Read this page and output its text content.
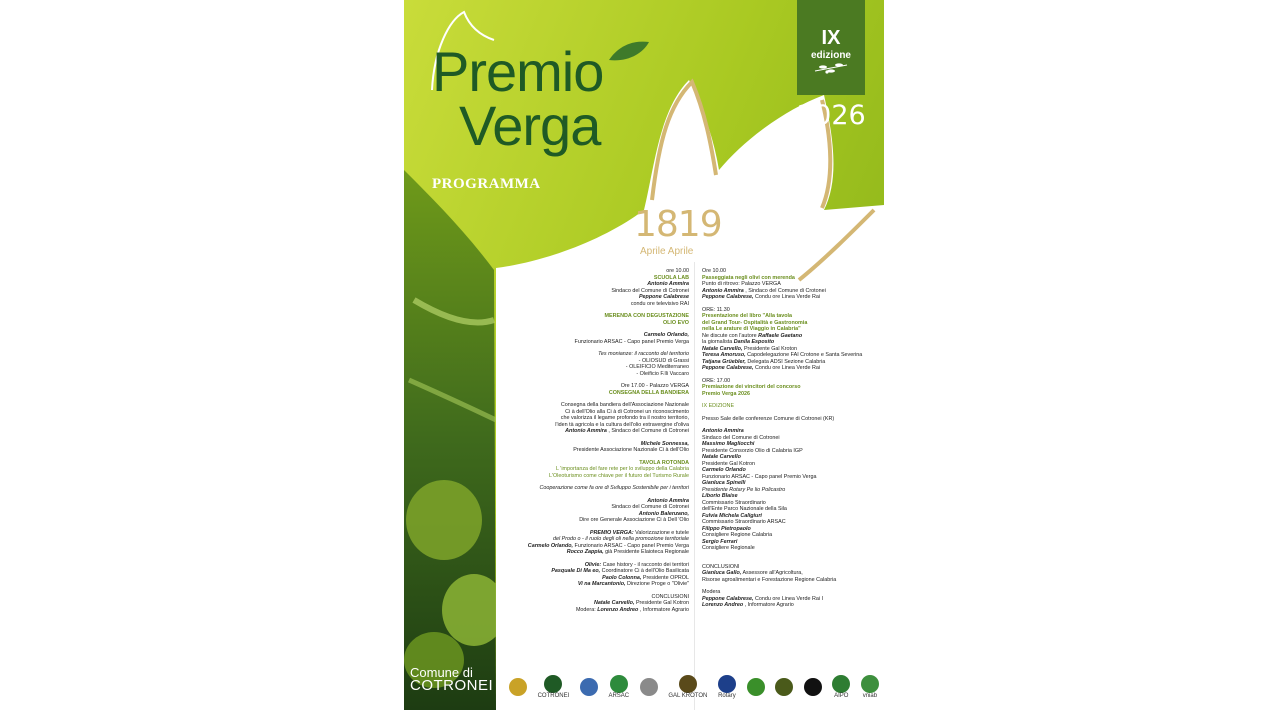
Premio
Verga
PROGRAMMA
IX
edizione
2026
1819
Aprile Aprile

ore 10.00

SCUOLA LAB

Antonio Ammira

Sindaco del Comune di Cotronei

Peppone Calabrese

condu ore televisivo RAI

MERENDA CON DEGUSTAZIONE

OLIO EVO

Carmelo Orlando,

Funzionario ARSAC - Capo panel Premio Verga

Tes monianze: il racconto del territorio

- OLIOSUD di Grassi

- OLEIFICIO Mediterraneo

- Oleificio F.lli Vaccaro

Ore 17.00 - Palazzo VERGA

CONSEGNA DELLA BANDIERA

Consegna della bandiera dell'Associazione Nazionale

Ci à dell'Olio alla Ci à di Cotronei un riconoscimento

che valorizza il legame profondo tra il nostro territorio,

l'iden tà agricola e la cultura dell'olio extravergine d'oliva

Antonio Ammira , Sindaco del Comune di Cotronei

Michele Sonnessa,

Presidente Associazione Nazionale Ci à dell'Olio

TAVOLA ROTONDA

L 'importanza del fare rete per lo sviluppo della Calabria

L'Oleoturismo come chiave per il futuro del Turismo Rurale

Cooperazione come fa ore di Sviluppo Sostenibile per i territori

Antonio Ammira

Sindaco del Comune di Cotronei

Antonio Balenzano,

Dire ore Generale Associazione Ci à Dell 'Olio

PREMIO VERGA: Valorizzazione e tutele

del Prodo o - il ruolo degli oli nella promozione territoriale

Carmelo Orlando, Funzionario ARSAC - Capo panel Premio Verga

Rocco Zappia, già Presidente Elaioteca Regionale

Olivie: Case history - il racconto dei territori

Pasquale Di Ma eo, Coordinatore Ci à dell'Olio Basilicata

Paolo Colonna, Presidente OPROL

Vi na Marcantonio, Direzione Proge o "Olivie"

CONCLUSIONI

Natale Carvello, Presidente Gal Kotron

Modera: Lorenzo Andreo , Informatore Agrario

Ore 10.00

Passeggiata negli olivi con merenda

Punto di ritrovo: Palazzo VERGA

Antonio Ammira , Sindaco del Comune di Crotonei

Peppone Calabrese, Condu ore Linea Verde Rai

ORE: 11.30

Presentazione del libro "Alla tavola

del Grand Tour- Ospitalità e Gastronomia

nella Le arature di Viaggio in Calabria"

Ne discute con l'autore Raffaele Gaetano

la giornalista Danila Esposito

Natale Carvello, Presidente Gal Kroton

Teresa Amoruso, Capodelegazione FAI Crotone e Santa Severina

Tatjana Grüebler, Delegata ADSI Sezione Calabria

Peppone Calabrese, Condu ore Linea Verde Rai

ORE: 17.00

Premiazione dei vincitori del concorso

Premio Verga 2026

IX EDIZIONE

Presso Sale delle conferenze Comune di Cotronei (KR)

Antonio Ammira

Sindaco del Comune di Cotronei

Massimo Magliocchi

Presidente Consorzio Olio di Calabria IGP

Natale Carvello

Presidente Gal Kotron

Carmelo Orlando

Funzionario ARSAC - Capo panel Premio Verga

Gianluca Spinelli

Presidente Rotary Pe lio Policastro

Liborio Blaise

Commissario Straordinario

dell'Ente Parco Nazionale della Sila

Fulvia Michela Caligiuri

Commissario Straordinario ARSAC

Filippo Pietropaolo

Consigliere Regione Calabria

Sergio Ferrari

Consigliere Regionale

CONCLUSIONI

Gianluca Gallo, Assessore all'Agricoltura,

Risorse agroalimentari e Forestazione Regione Calabria

Modera

Peppone Calabrese, Condu ore Linea Verde Rai I

Lorenzo Andreo , Informatore Agrario

Comune di
COTRONEI
COTRONEI	ARSAC	GAL KROTON Rotary	AIPO vniab
